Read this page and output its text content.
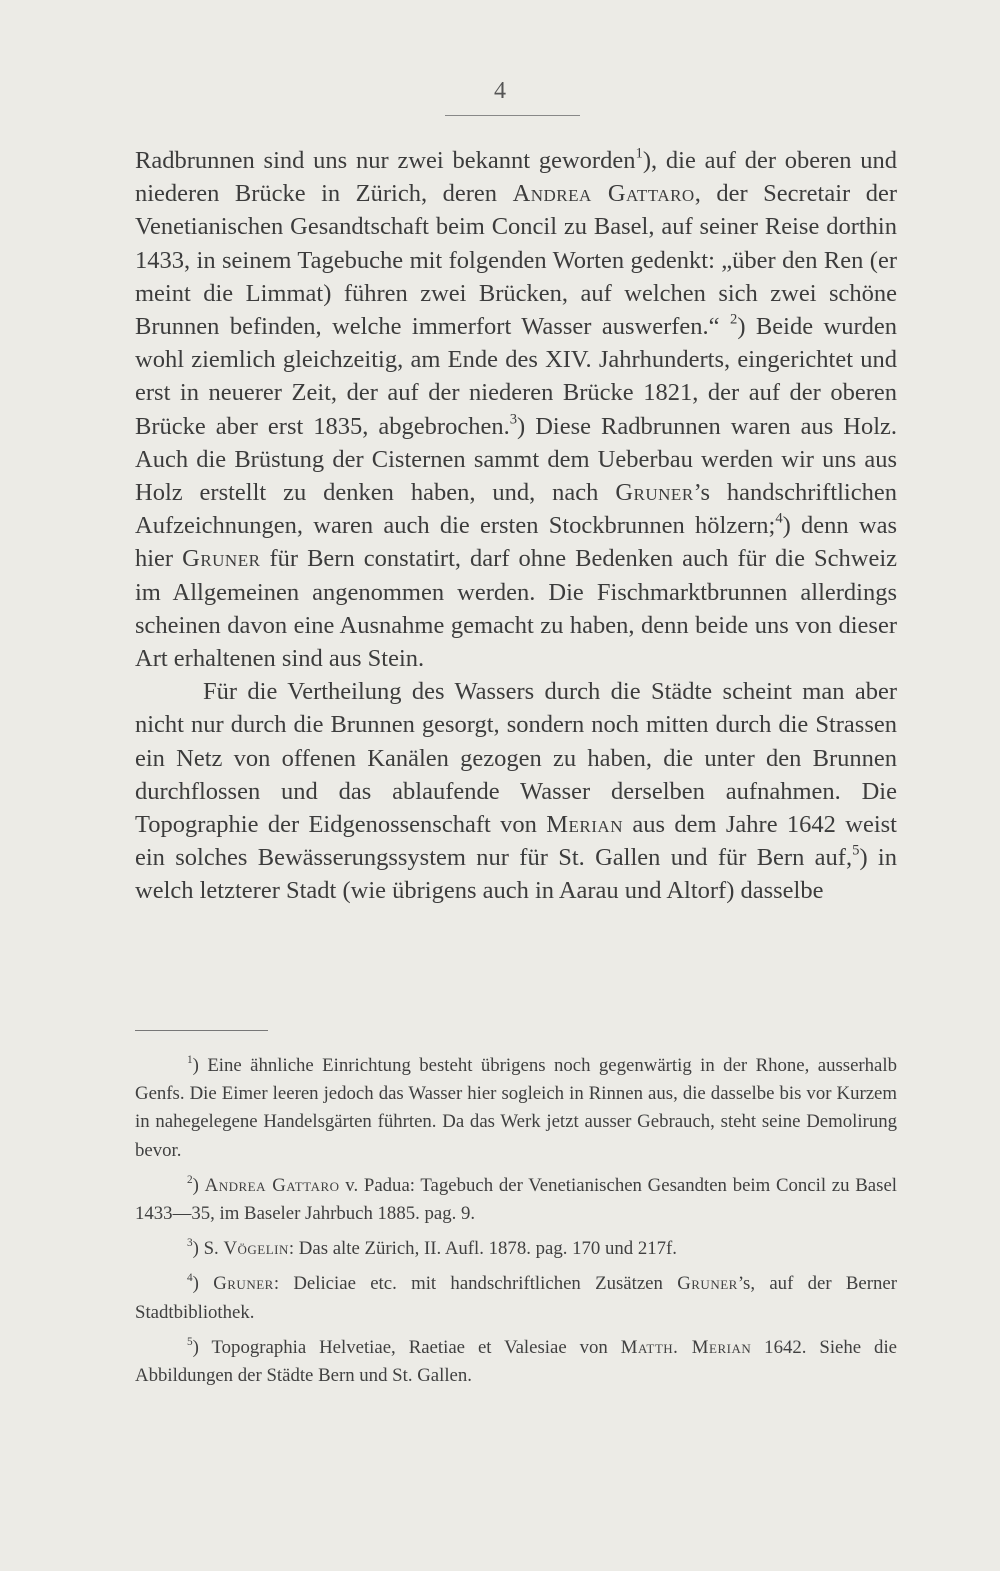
4

Radbrunnen sind uns nur zwei bekannt geworden$^1$), die auf der oberen und niederen Brücke in Zürich, deren Andrea Gattaro, der Secretair der Venetianischen Gesandtschaft beim Concil zu Basel, auf seiner Reise dorthin 1433, in seinem Tagebuche mit folgenden Worten gedenkt: „über den Ren (er meint die Limmat) führen zwei Brücken, auf welchen sich zwei schöne Brunnen befinden, welche immerfort Wasser auswerfen.“ $^2$) Beide wurden wohl ziemlich gleichzeitig, am Ende des XIV. Jahrhunderts, eingerichtet und erst in neuerer Zeit, der auf der niederen Brücke 1821, der auf der oberen Brücke aber erst 1835, abgebrochen.$^3$) Diese Radbrunnen waren aus Holz. Auch die Brüstung der Cisternen sammt dem Ueberbau werden wir uns aus Holz erstellt zu denken haben, und, nach Gruner’s handschriftlichen Aufzeichnungen, waren auch die ersten Stockbrunnen hölzern;$^4$) denn was hier Gruner für Bern constatirt, darf ohne Bedenken auch für die Schweiz im Allgemeinen angenommen werden. Die Fischmarktbrunnen allerdings scheinen davon eine Ausnahme gemacht zu haben, denn beide uns von dieser Art erhaltenen sind aus Stein.

Für die Vertheilung des Wassers durch die Städte scheint man aber nicht nur durch die Brunnen gesorgt, sondern noch mitten durch die Strassen ein Netz von offenen Kanälen gezogen zu haben, die unter den Brunnen durchflossen und das ablaufende Wasser derselben aufnahmen. Die Topographie der Eidgenossenschaft von Merian aus dem Jahre 1642 weist ein solches Bewässerungssystem nur für St. Gallen und für Bern auf,$^5$) in welch letzterer Stadt (wie übrigens auch in Aarau und Altorf) dasselbe

$^1$) Eine ähnliche Einrichtung besteht übrigens noch gegenwärtig in der Rhone, ausserhalb Genfs. Die Eimer leeren jedoch das Wasser hier sogleich in Rinnen aus, die dasselbe bis vor Kurzem in nahegelegene Handelsgärten führten. Da das Werk jetzt ausser Gebrauch, steht seine Demolirung bevor.

$^2$) Andrea Gattaro v. Padua: Tagebuch der Venetianischen Gesandten beim Concil zu Basel 1433—35, im Baseler Jahrbuch 1885. pag. 9.

$^3$) S. Vögelin: Das alte Zürich, II. Aufl. 1878. pag. 170 und 217f.

$^4$) Gruner: Deliciae etc. mit handschriftlichen Zusätzen Gruner’s, auf der Berner Stadtbibliothek.

$^5$) Topographia Helvetiae, Raetiae et Valesiae von Matth. Merian 1642. Siehe die Abbildungen der Städte Bern und St. Gallen.
